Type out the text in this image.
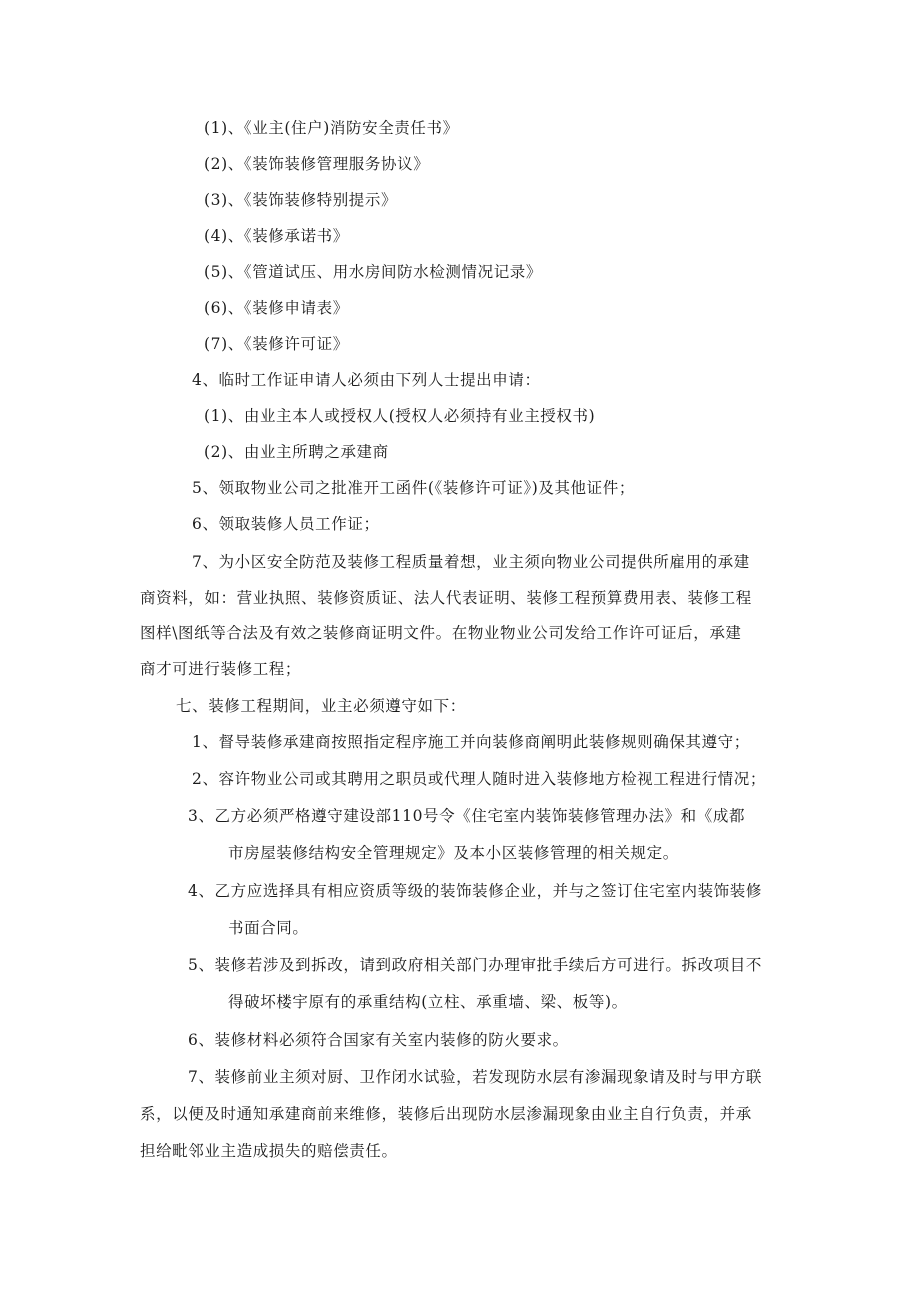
(1)、《业主(住户)消防安全责任书》
(2)、《装饰装修管理服务协议》
(3)、《装饰装修特别提示》
(4)、《装修承诺书》
(5)、《管道试压、用水房间防水检测情况记录》
(6)、《装修申请表》
(7)、《装修许可证》
4、临时工作证申请人必须由下列人士提出申请：
(1)、由业主本人或授权人(授权人必须持有业主授权书)
(2)、由业主所聘之承建商
5、领取物业公司之批准开工函件(《装修许可证》)及其他证件；
6、领取装修人员工作证；
7、为小区安全防范及装修工程质量着想，业主须向物业公司提供所雇用的承建
商资料，如：营业执照、装修资质证、法人代表证明、装修工程预算费用表、装修工程
图样\图纸等合法及有效之装修商证明文件。在物业物业公司发给工作许可证后，承建
商才可进行装修工程；
七、装修工程期间，业主必须遵守如下：
1、督导装修承建商按照指定程序施工并向装修商阐明此装修规则确保其遵守；
2、容许物业公司或其聘用之职员或代理人随时进入装修地方检视工程进行情况；
3、乙方必须严格遵守建设部110号令《住宅室内装饰装修管理办法》和《成都
市房屋装修结构安全管理规定》及本小区装修管理的相关规定。
4、乙方应选择具有相应资质等级的装饰装修企业，并与之签订住宅室内装饰装修
书面合同。
5、装修若涉及到拆改，请到政府相关部门办理审批手续后方可进行。拆改项目不
得破坏楼宇原有的承重结构(立柱、承重墙、梁、板等)。
6、装修材料必须符合国家有关室内装修的防火要求。
7、装修前业主须对厨、卫作闭水试验，若发现防水层有渗漏现象请及时与甲方联
系，以便及时通知承建商前来维修，装修后出现防水层渗漏现象由业主自行负责，并承
担给毗邻业主造成损失的赔偿责任。
